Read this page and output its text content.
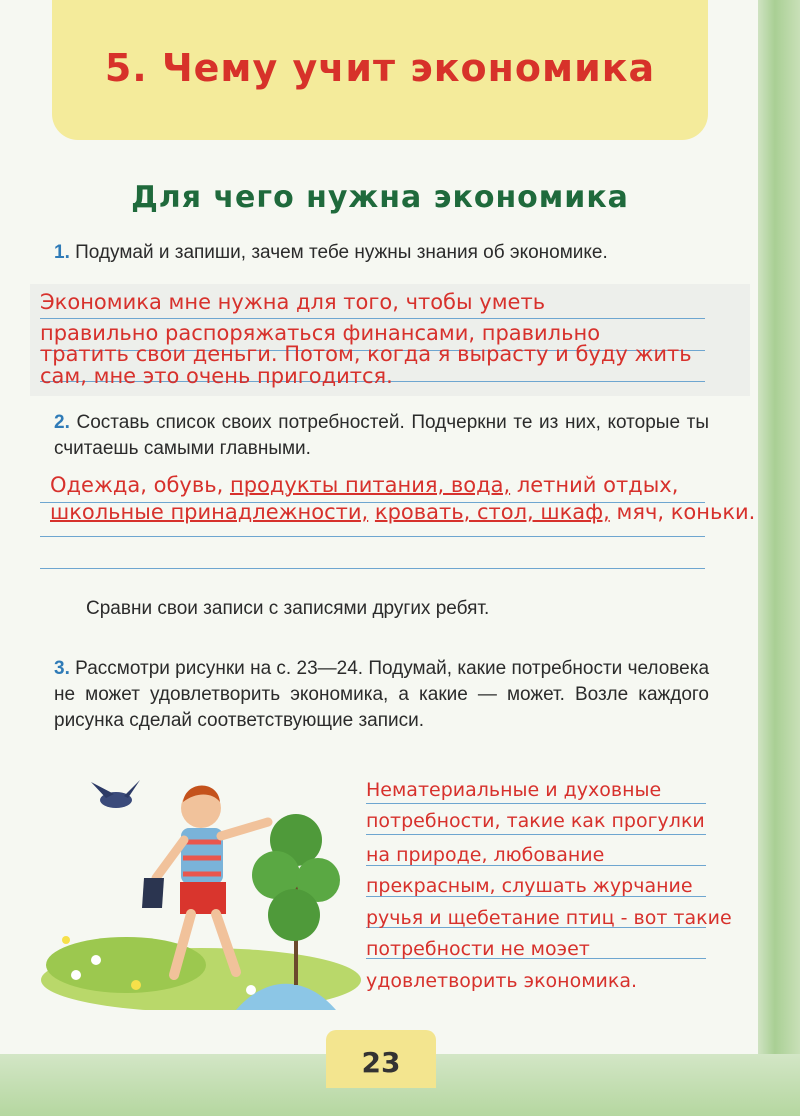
5. Чему учит экономика
Для чего нужна экономика
1. Подумай и запиши, зачем тебе нужны знания об экономике.
Экономика мне нужна для того, чтобы уметь
правильно распоряжаться финансами, правильно
тратить свои деньги. Потом, когда я вырасту и буду жить
сам, мне это очень пригодится.
2. Составь список своих потребностей. Подчеркни те из них, которые ты считаешь самыми главными.
Одежда, обувь, продукты питания, вода, летний отдых,
школьные принадлежности, кровать, стол, шкаф, мяч, коньки.
Сравни свои записи с записями других ребят.
3. Рассмотри рисунки на с. 23—24. Подумай, какие потребности человека не может удовлетворить экономика, а какие — может. Возле каждого рисунка сделай соответствующие записи.
Нематериальные и духовные
потребности, такие как прогулки
на природе, любование
прекрасным, слушать журчание
ручья и щебетание птиц - вот такие
потребности не моэет
удовлетворить экономика.
23
